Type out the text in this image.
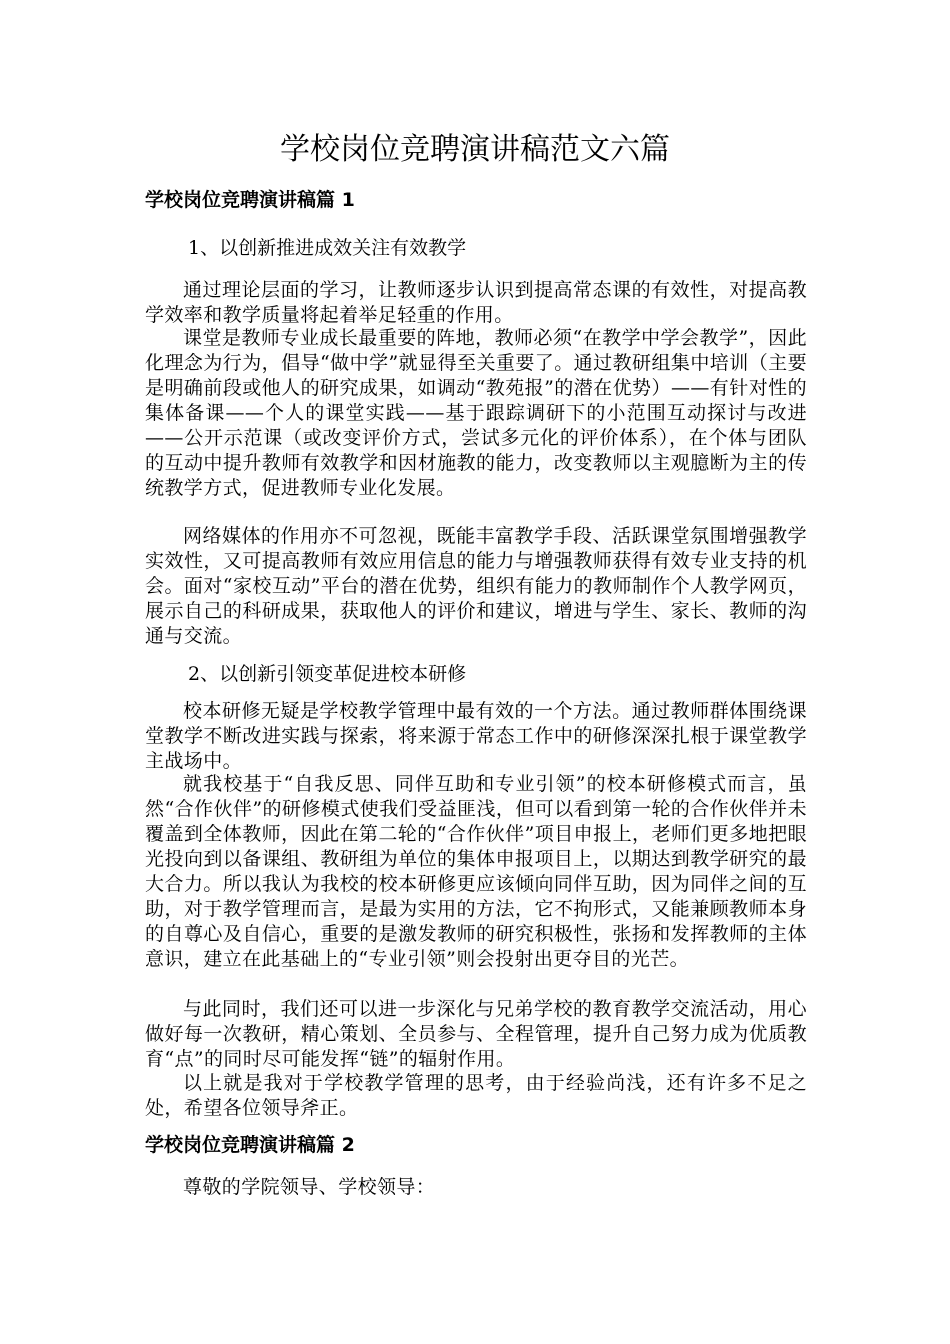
学校岗位竞聘演讲稿范文六篇
学校岗位竞聘演讲稿篇 1

1、以创新推进成效关注有效教学

通过理论层面的学习，让教师逐步认识到提高常态课的有效性，对提高教学效率和教学质量将起着举足轻重的作用。

课堂是教师专业成长最重要的阵地，教师必须“在教学中学会教学”，因此化理念为行为，倡导“做中学”就显得至关重要了。通过教研组集中培训（主要是明确前段或他人的研究成果，如调动“教苑报”的潜在优势）——有针对性的集体备课——个人的课堂实践——基于跟踪调研下的小范围互动探讨与改进——公开示范课（或改变评价方式，尝试多元化的评价体系），在个体与团队的互动中提升教师有效教学和因材施教的能力，改变教师以主观臆断为主的传统教学方式，促进教师专业化发展。

网络媒体的作用亦不可忽视，既能丰富教学手段、活跃课堂氛围增强教学实效性，又可提高教师有效应用信息的能力与增强教师获得有效专业支持的机会。面对“家校互动”平台的潜在优势，组织有能力的教师制作个人教学网页，展示自己的科研成果，获取他人的评价和建议，增进与学生、家长、教师的沟通与交流。

2、以创新引领变革促进校本研修

校本研修无疑是学校教学管理中最有效的一个方法。通过教师群体围绕课堂教学不断改进实践与探索，将来源于常态工作中的研修深深扎根于课堂教学主战场中。

就我校基于“自我反思、同伴互助和专业引领”的校本研修模式而言，虽然“合作伙伴”的研修模式使我们受益匪浅，但可以看到第一轮的合作伙伴并未覆盖到全体教师，因此在第二轮的“合作伙伴”项目申报上，老师们更多地把眼光投向到以备课组、教研组为单位的集体申报项目上，以期达到教学研究的最大合力。所以我认为我校的校本研修更应该倾向同伴互助，因为同伴之间的互助，对于教学管理而言，是最为实用的方法，它不拘形式，又能兼顾教师本身的自尊心及自信心，重要的是激发教师的研究积极性，张扬和发挥教师的主体意识，建立在此基础上的“专业引领”则会投射出更夺目的光芒。

与此同时，我们还可以进一步深化与兄弟学校的教育教学交流活动，用心做好每一次教研，精心策划、全员参与、全程管理，提升自己努力成为优质教育“点”的同时尽可能发挥“链”的辐射作用。

以上就是我对于学校教学管理的思考，由于经验尚浅，还有许多不足之处，希望各位领导斧正。

学校岗位竞聘演讲稿篇 2

尊敬的学院领导、学校领导：
